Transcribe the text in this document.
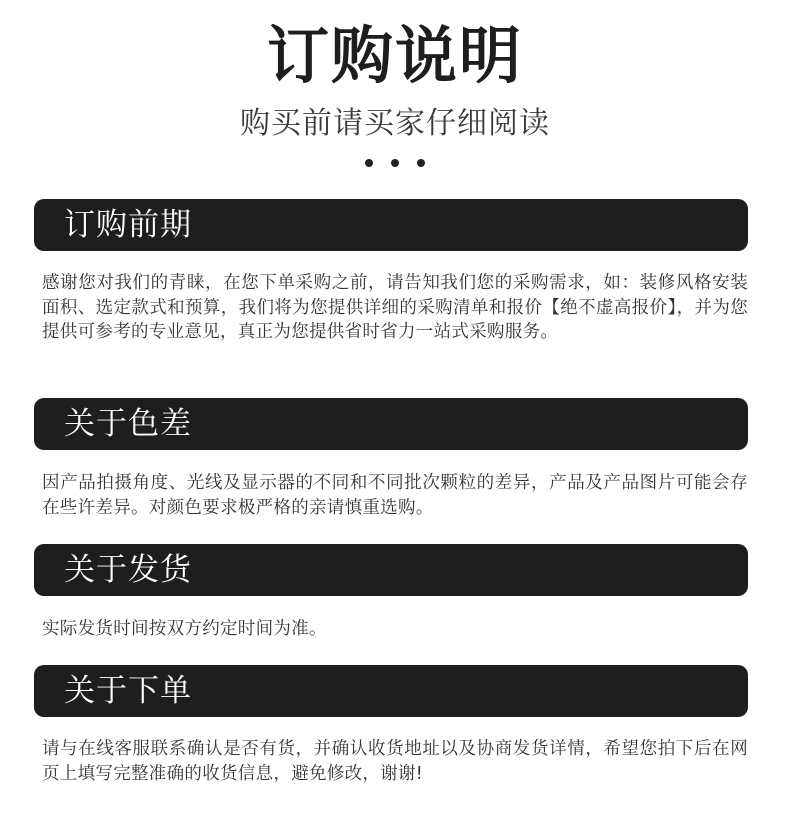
订购说明
购买前请买家仔细阅读
订购前期
感谢您对我们的青睐，在您下单采购之前，请告知我们您的采购需求，如：装修风格安装面积、选定款式和预算，我们将为您提供详细的采购清单和报价【绝不虚高报价】，并为您提供可参考的专业意见，真正为您提供省时省力一站式采购服务。
关于色差
因产品拍摄角度、光线及显示器的不同和不同批次颗粒的差异，产品及产品图片可能会存在些许差异。对颜色要求极严格的亲请慎重选购。
关于发货
实际发货时间按双方约定时间为准。
关于下单
请与在线客服联系确认是否有货，并确认收货地址以及协商发货详情，希望您拍下后在网页上填写完整准确的收货信息，避免修改，谢谢!
